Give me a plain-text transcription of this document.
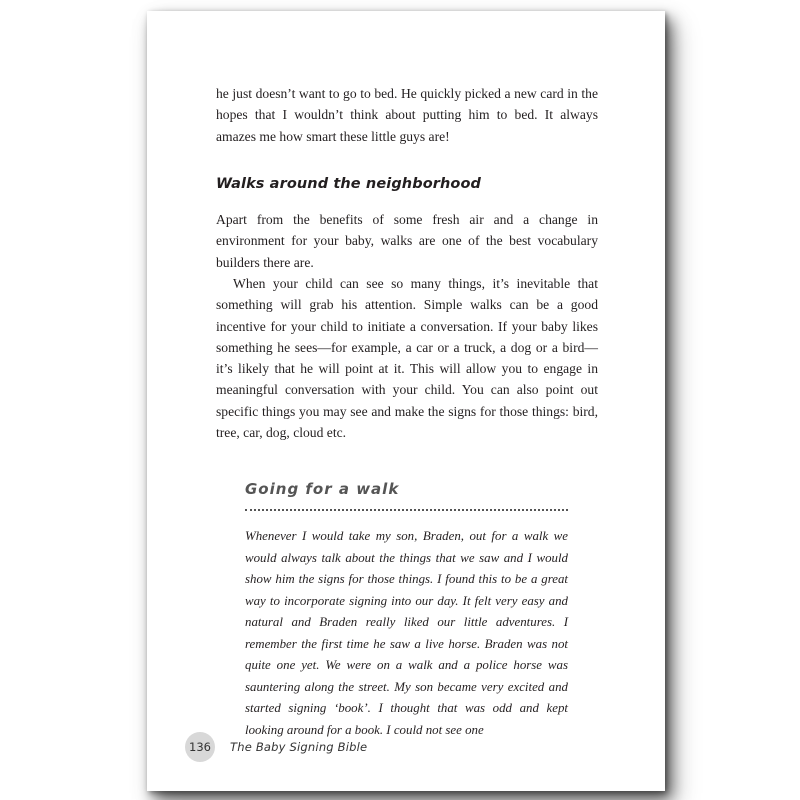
he just doesn’t want to go to bed. He quickly picked a new card in the hopes that I wouldn’t think about putting him to bed. It always amazes me how smart these little guys are!

Walks around the neighborhood

Apart from the benefits of some fresh air and a change in environment for your baby, walks are one of the best vocabulary builders there are.

When your child can see so many things, it’s inevitable that something will grab his attention. Simple walks can be a good incentive for your child to initiate a conversation. If your baby likes something he sees—for example, a car or a truck, a dog or a bird—it’s likely that he will point at it. This will allow you to engage in meaningful conversation with your child. You can also point out specific things you may see and make the signs for those things: bird, tree, car, dog, cloud etc.

Going for a walk

Whenever I would take my son, Braden, out for a walk we would always talk about the things that we saw and I would show him the signs for those things. I found this to be a great way to incorporate signing into our day. It felt very easy and natural and Braden really liked our little adventures. I remember the first time he saw a live horse. Braden was not quite one yet. We were on a walk and a police horse was sauntering along the street. My son became very excited and started signing ‘book’. I thought that was odd and kept looking around for a book. I could not see one

136	The Baby Signing Bible
